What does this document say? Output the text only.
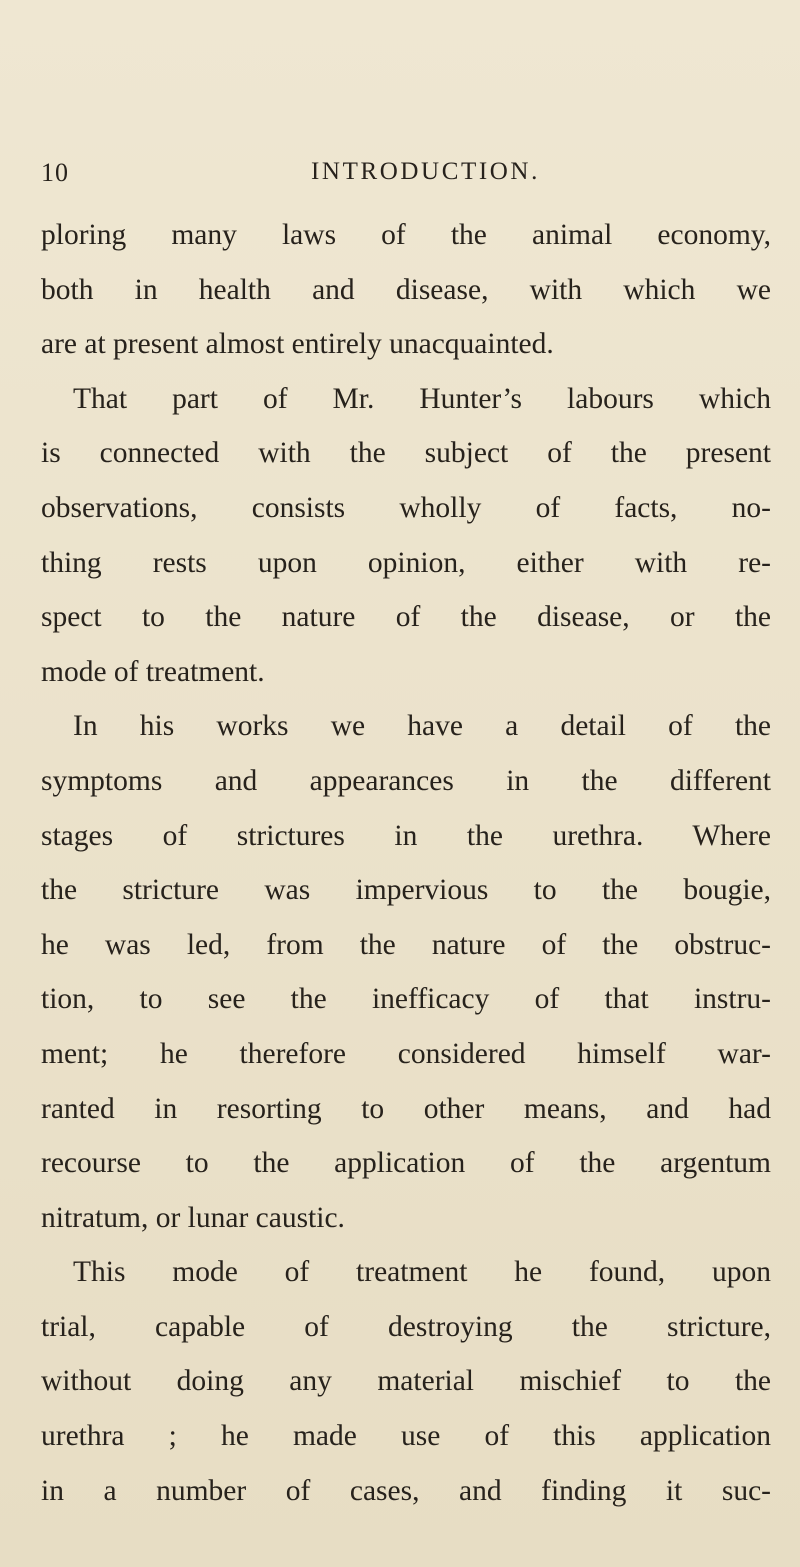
10	INTRODUCTION.
ploring many laws of the animal economy,
both in health and disease, with which we
are at present almost entirely unacquainted.
That part of Mr. Hunter’s labours which
is connected with the subject of the present
observations, consists wholly of facts, no-
thing rests upon opinion, either with re-
spect to the nature of the disease, or the
mode of treatment.
In his works we have a detail of the
symptoms and appearances in the different
stages of strictures in the urethra. Where
the stricture was impervious to the bougie,
he was led, from the nature of the obstruc-
tion, to see the inefficacy of that instru-
ment; he therefore considered himself war-
ranted in resorting to other means, and had
recourse to the application of the argentum
nitratum, or lunar caustic.
This mode of treatment he found, upon
trial, capable of destroying the stricture,
without doing any material mischief to the
urethra ; he made use of this application
in a number of cases, and finding it suc-
